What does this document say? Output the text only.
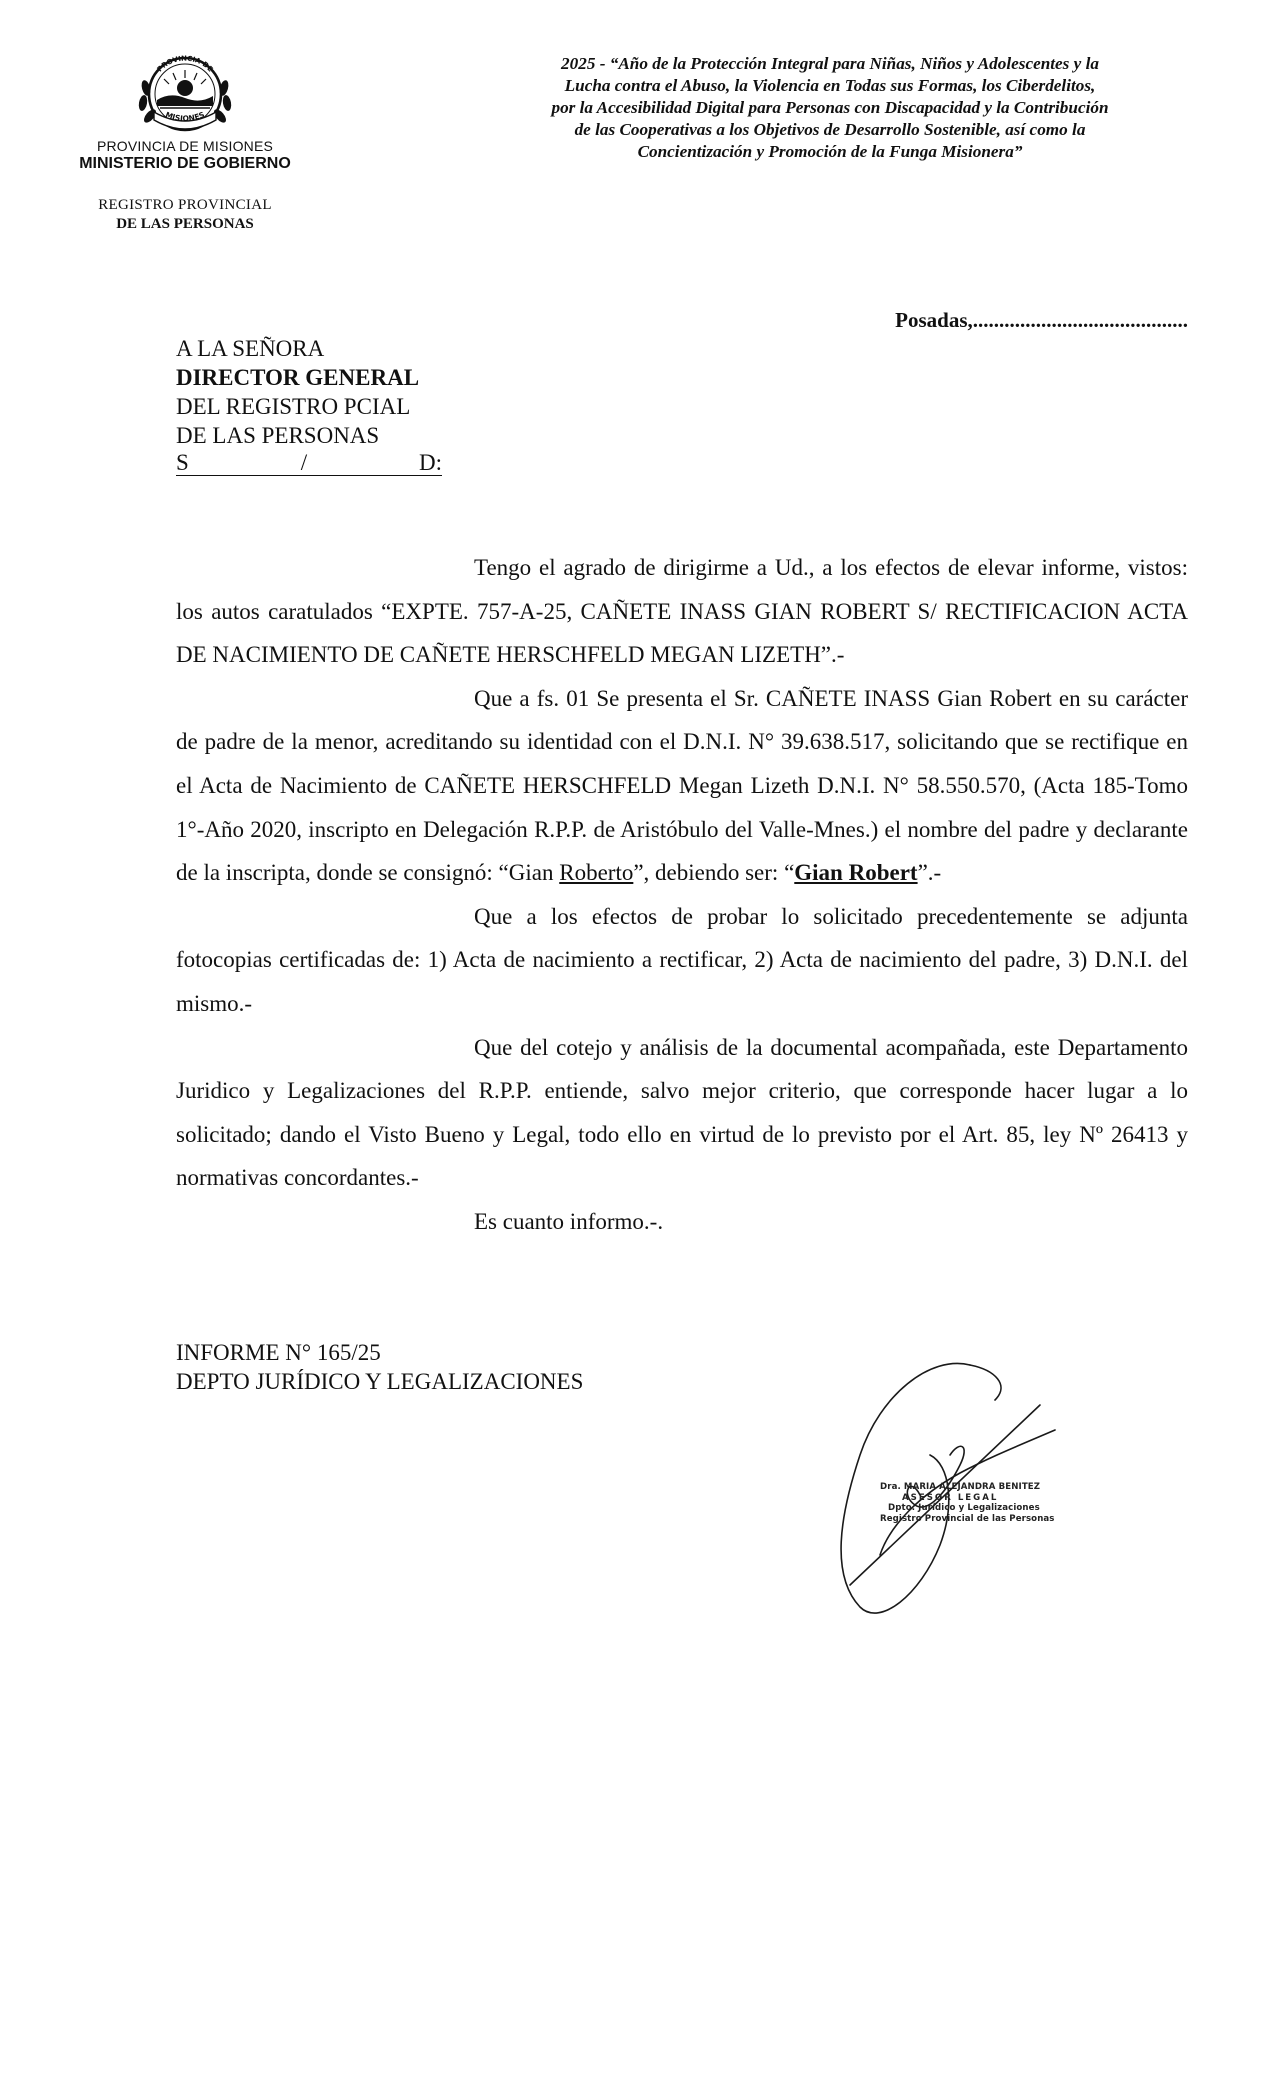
PROVINCIA DE
MISIONES
PROVINCIA DE MISIONES
MINISTERIO DE GOBIERNO
REGISTRO PROVINCIAL
DE LAS PERSONAS
2025 - “Año de la Protección Integral para Niñas, Niños y Adolescentes y la
Lucha contra el Abuso, la Violencia en Todas sus Formas, los Ciberdelitos,
por la Accesibilidad Digital para Personas con Discapacidad y la Contribución
de las Cooperativas a los Objetivos de Desarrollo Sostenible, así como la
Concientización y Promoción de la Funga Misionera”
Posadas,.........................................
A LA SEÑORA
DIRECTOR GENERAL
DEL REGISTRO PCIAL
DE LAS PERSONAS
S	/	D:

Tengo el agrado de dirigirme a Ud., a los efectos de elevar informe, vistos: los autos caratulados “EXPTE. 757-A-25, CAÑETE INASS GIAN ROBERT S/ RECTIFICACION ACTA DE NACIMIENTO DE CAÑETE HERSCHFELD MEGAN LIZETH”.-

Que a fs. 01 Se presenta el Sr. CAÑETE INASS Gian Robert en su carácter de padre de la menor, acreditando su identidad con el D.N.I. N° 39.638.517, solicitando que se rectifique en el Acta de Nacimiento de CAÑETE HERSCHFELD Megan Lizeth D.N.I. N° 58.550.570, (Acta 185-Tomo 1°-Año 2020, inscripto en Delegación R.P.P. de Aristóbulo del Valle-Mnes.) el nombre del padre y declarante de la inscripta, donde se consignó: “Gian Roberto”, debiendo ser: “Gian Robert”.-

Que a los efectos de probar lo solicitado precedentemente se adjunta fotocopias certificadas de: 1) Acta de nacimiento a rectificar, 2) Acta de nacimiento del padre, 3) D.N.I. del mismo.-

Que del cotejo y análisis de la documental acompañada, este Departamento Juridico y Legalizaciones del R.P.P. entiende, salvo mejor criterio, que corresponde hacer lugar a lo solicitado; dando el Visto Bueno y Legal, todo ello en virtud de lo previsto por el Art. 85, ley Nº 26413 y normativas concordantes.-

Es cuanto informo.-.

INFORME N° 165/25
DEPTO JURÍDICO Y LEGALIZACIONES
Dra. MARIA ALEJANDRA BENITEZ
ASESOR LEGAL
Dpto. Jurídico y Legalizaciones
Registro Provincial de las Personas
